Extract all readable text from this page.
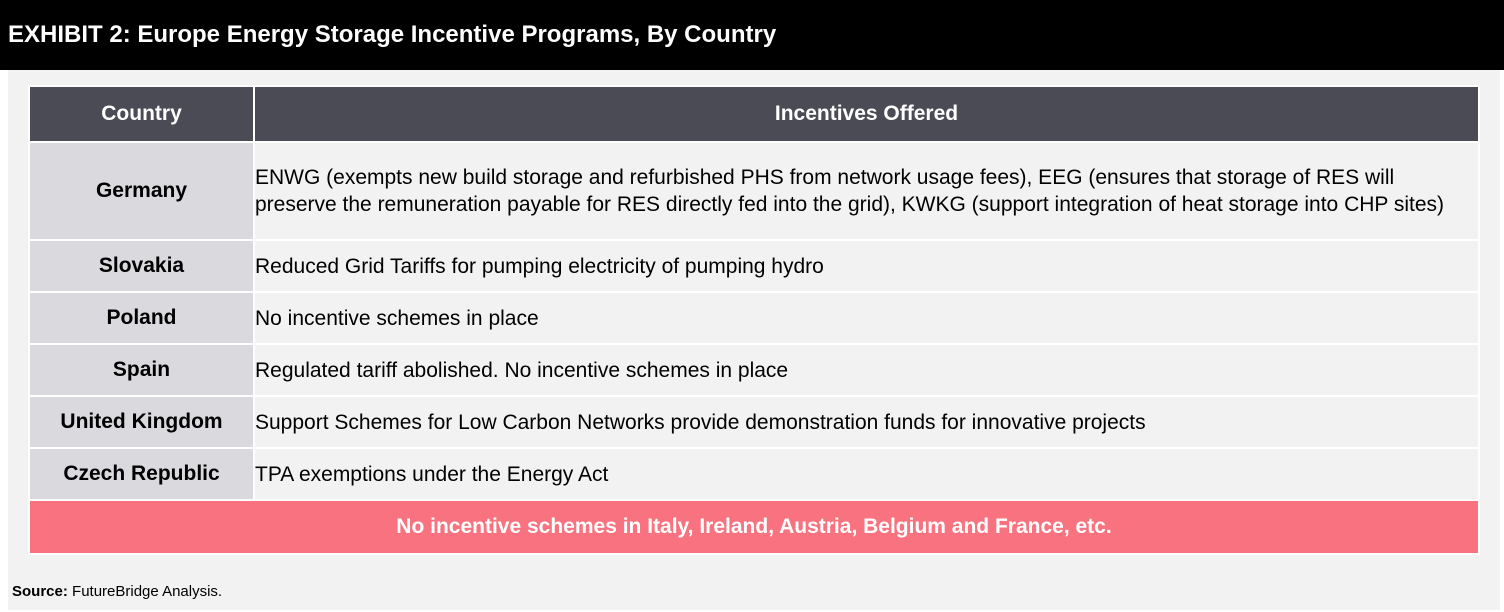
EXHIBIT 2: Europe Energy Storage Incentive Programs, By Country
Country	Incentives Offered
Germany	ENWG (exempts new build storage and refurbished PHS from network usage fees), EEG (ensures that storage of RES will preserve the remuneration payable for RES directly fed into the grid), KWKG (support integration of heat storage into CHP sites)
Slovakia	Reduced Grid Tariffs for pumping electricity of pumping hydro
Poland	No incentive schemes in place
Spain	Regulated tariff abolished. No incentive schemes in place
United Kingdom	Support Schemes for Low Carbon Networks provide demonstration funds for innovative projects
Czech Republic	TPA exemptions under the Energy Act
No incentive schemes in Italy, Ireland, Austria, Belgium and France, etc.	
Source: FutureBridge Analysis.
